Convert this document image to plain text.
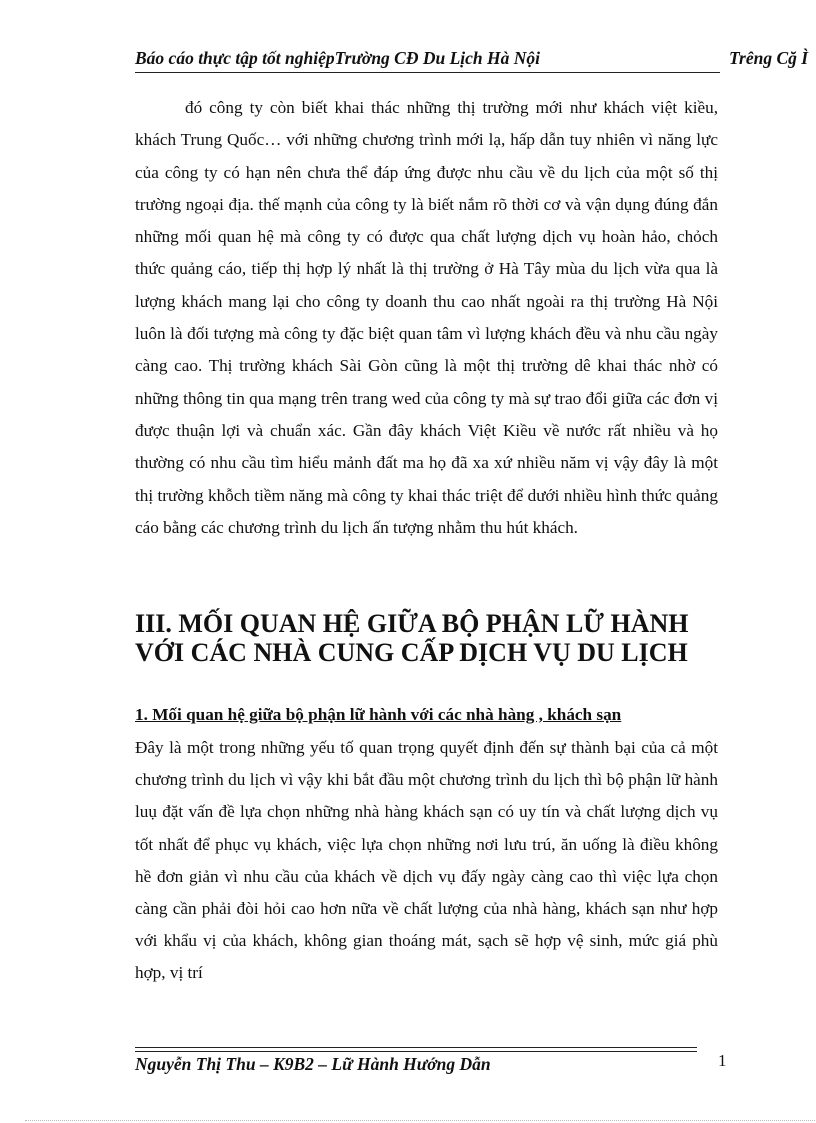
Báo cáo thực tập tốt nghiệpTrường CĐ Du Lịch Hà Nội	Trêng Cğ Ì
đó công ty còn biết khai thác những thị trường mới như khách việt kiều, khách Trung Quốc… với những chương trình mới lạ, hấp dẫn tuy nhiên vì năng lực của công ty có hạn nên chưa thể đáp ứng được nhu cầu về du lịch của một số thị trường ngoại địa. thế mạnh của công ty là biết nắm rõ thời cơ và vận dụng đúng đắn những mối quan hệ mà công ty có được qua chất lượng dịch vụ hoàn hảo, chỏch thức quảng cáo, tiếp thị hợp lý nhất là thị trường ở Hà Tây mùa du lịch vừa qua là lượng khách mang lại cho công ty doanh thu cao nhất ngoài ra thị trường Hà Nội luôn là đối tượng mà công ty đặc biệt quan tâm vì lượng khách đều và nhu cầu ngày càng cao. Thị trường khách Sài Gòn cũng là một thị trường dê khai thác nhờ có những thông tin qua mạng trên trang wed của công ty mà sự trao đổi giữa các đơn vị được thuận lợi và chuẩn xác. Gần đây khách Việt Kiều về nước rất nhiều và họ thường có nhu cầu tìm hiểu mảnh đất ma họ đã xa xứ nhiều năm vị vậy đây là một thị trường khỗch tiềm năng mà công ty khai thác triệt để dưới nhiều hình thức quảng cáo bằng các chương trình du lịch ấn tượng nhằm thu hút khách.
III. MỐI QUAN HỆ GIỮA BỘ PHẬN LỮ HÀNH VỚI CÁC NHÀ CUNG CẤP DỊCH VỤ DU LỊCH
1. Mối quan hệ giữa bộ phận lữ hành với các nhà hàng , khách sạn
Đây là một trong những yếu tố quan trọng quyết định đến sự thành bại của cả một chương trình du lịch vì vậy khi bắt đầu một chương trình du lịch thì bộ phận lữ hành luụ đặt vấn đề lựa chọn những nhà hàng khách sạn có uy tín và chất lượng dịch vụ tốt nhất để phục vụ khách, việc lựa chọn những nơi lưu trú, ăn uống là điều không hề đơn giản vì nhu cầu của khách về dịch vụ đấy ngày càng cao thì việc lựa chọn càng cần phải đòi hỏi cao hơn nữa về chất lượng của nhà hàng, khách sạn như hợp với khẩu vị của khách, không gian thoáng mát, sạch sẽ hợp vệ sinh, mức giá phù hợp, vị trí
Nguyễn Thị Thu – K9B2 – Lữ Hành Hướng Dẫn	1
